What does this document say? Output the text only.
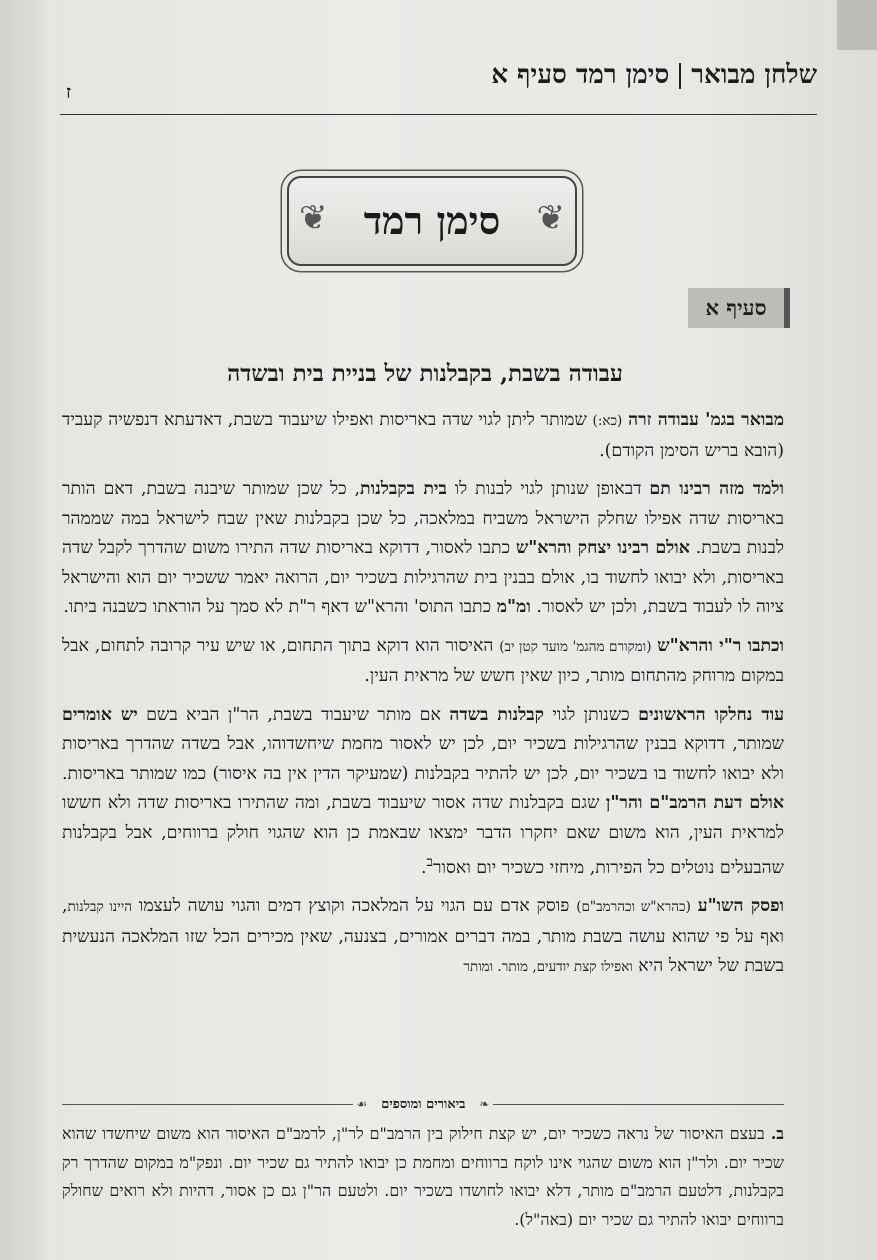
שלחן מבוארסימן רמד סעיף א
ז
❦
סימן רמד
❦
סעיף א
עבודה בשבת, בקבלנות של בניית בית ובשדה

מבואר בגמ' עבודה זרה (כא:) שמותר ליתן לגוי שדה באריסות ואפילו שיעבוד בשבת, דאדעתא דנפשיה קעביד (הובא בריש הסימן הקודם).

ולמד מזה רבינו תם דבאופן שנותן לגוי לבנות לו בית בקבלנות, כל שכן שמותר שיבנה בשבת, דאם הותר באריסות שדה אפילו שחלק הישראל משביח במלאכה, כל שכן בקבלנות שאין שבח לישראל במה שממהר לבנות בשבת. אולם רבינו יצחק והרא"ש כתבו לאסור, דדוקא באריסות שדה התירו משום שהדרך לקבל שדה באריסות, ולא יבואו לחשוד בו, אולם בבנין בית שהרגילות בשכיר יום, הרואה יאמר ששכיר יום הוא והישראל ציוה לו לעבוד בשבת, ולכן יש לאסור. ומ"מ כתבו התוס' והרא"ש דאף ר"ת לא סמך על הוראתו כשבנה ביתו.

וכתבו ר"י והרא"ש (ומקורם מהגמ' מועד קטן יב) האיסור הוא דוקא בתוך התחום, או שיש עיר קרובה לתחום, אבל במקום מרוחק מהתחום מותר, כיון שאין חשש של מראית העין.

עוד נחלקו הראשונים כשנותן לגוי קבלנות בשדה אם מותר שיעבוד בשבת, הר"ן הביא בשם יש אומרים שמותר, דדוקא בבנין שהרגילות בשכיר יום, לכן יש לאסור מחמת שיחשדוהו, אבל בשדה שהדרך באריסות ולא יבואו לחשוד בו בשכיר יום, לכן יש להתיר בקבלנות (שמעיקר הדין אין בה איסור) כמו שמותר באריסות. אולם דעת הרמב"ם והר"ן שגם בקבלנות שדה אסור שיעבוד בשבת, ומה שהתירו באריסות שדה ולא חששו למראית העין, הוא משום שאם יחקרו הדבר ימצאו שבאמת כן הוא שהגוי חולק ברווחים, אבל בקבלנות שהבעלים נוטלים כל הפירות, מיחזי כשכיר יום ואסור$^ב$.

ופסק השו"ע (כהרא"ש וכהרמב"ם) פוסק אדם עם הגוי על המלאכה וקוצץ דמים והגוי עושה לעצמו היינו קבלנות, ואף על פי שהוא עושה בשבת מותר, במה דברים אמורים, בצנעה, שאין מכירים הכל שזו המלאכה הנעשית בשבת של ישראל היא ואפילו קצת יודעים, מותר. ומותר

❧
ביאורים ומוספים
☙

ב. בעצם האיסור של נראה כשכיר יום, יש קצת חילוק בין הרמב"ם לר"ן, לרמב"ם האיסור הוא משום שיחשדו שהוא שכיר יום. ולר"ן הוא משום שהגוי אינו לוקח ברווחים ומחמת כן יבואו להתיר גם שכיר יום. ונפק"מ במקום שהדרך רק בקבלנות, דלטעם הרמב"ם מותר, דלא יבואו לחושדו בשכיר יום. ולטעם הר"ן גם כן אסור, דהיות ולא רואים שחולק ברווחים יבואו להתיר גם שכיר יום (באה"ל).
